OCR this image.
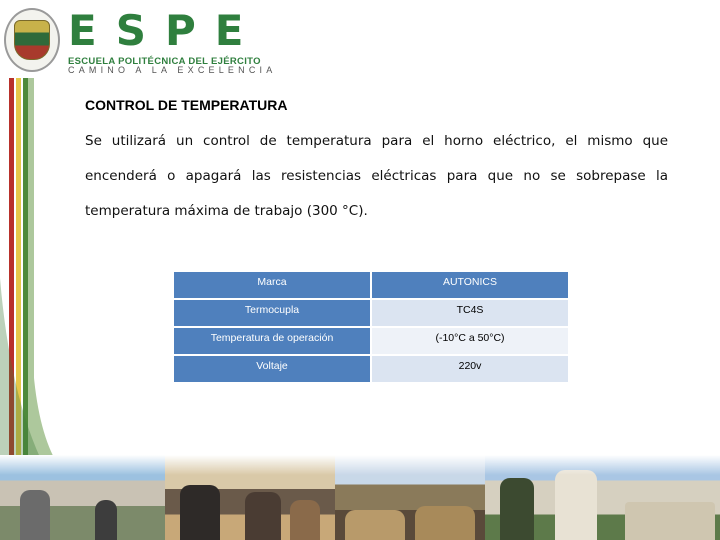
ESPE
ESCUELA POLITÉCNICA DEL EJÉRCITO
CAMINO A LA EXCELENCIA
CONTROL DE TEMPERATURA

Se utilizará un control de temperatura para el horno eléctrico, el mismo que encenderá o apagará las resistencias eléctricas para que no se sobrepase la temperatura máxima de trabajo (300 °C).

Marca	AUTONICS
Termocupla	TC4S
Temperatura de operación	(-10°C a 50°C)
Voltaje	220v
